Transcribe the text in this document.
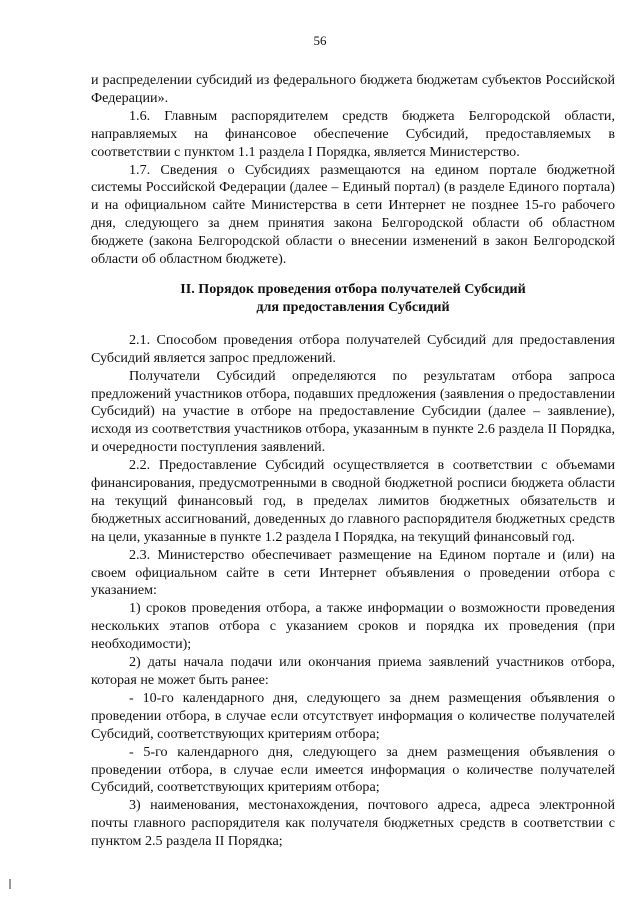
56

и распределении субсидий из федерального бюджета бюджетам субъектов Российской Федерации».

1.6. Главным распорядителем средств бюджета Белгородской области, направляемых на финансовое обеспечение Субсидий, предоставляемых в соответствии с пунктом 1.1 раздела I Порядка, является Министерство.

1.7. Сведения о Субсидиях размещаются на едином портале бюджетной системы Российской Федерации (далее – Единый портал) (в разделе Единого портала) и на официальном сайте Министерства в сети Интернет не позднее 15-го рабочего дня, следующего за днем принятия закона Белгородской области об областном бюджете (закона Белгородской области о внесении изменений в закон Белгородской области об областном бюджете).

II. Порядок проведения отбора получателей Субсидий
для предоставления Субсидий

2.1. Способом проведения отбора получателей Субсидий для предоставления Субсидий является запрос предложений.

Получатели Субсидий определяются по результатам отбора запроса предложений участников отбора, подавших предложения (заявления о предоставлении Субсидий) на участие в отборе на предоставление Субсидии (далее – заявление), исходя из соответствия участников отбора, указанным в пункте 2.6 раздела II Порядка, и очередности поступления заявлений.

2.2. Предоставление Субсидий осуществляется в соответствии с объемами финансирования, предусмотренными в сводной бюджетной росписи бюджета области на текущий финансовый год, в пределах лимитов бюджетных обязательств и бюджетных ассигнований, доведенных до главного распорядителя бюджетных средств на цели, указанные в пункте 1.2 раздела I Порядка, на текущий финансовый год.

2.3. Министерство обеспечивает размещение на Едином портале и (или) на своем официальном сайте в сети Интернет объявления о проведении отбора с указанием:

1) сроков проведения отбора, а также информации о возможности проведения нескольких этапов отбора с указанием сроков и порядка их проведения (при необходимости);

2) даты начала подачи или окончания приема заявлений участников отбора, которая не может быть ранее:

- 10-го календарного дня, следующего за днем размещения объявления о проведении отбора, в случае если отсутствует информация о количестве получателей Субсидий, соответствующих критериям отбора;

- 5-го календарного дня, следующего за днем размещения объявления о проведении отбора, в случае если имеется информация о количестве получателей Субсидий, соответствующих критериям отбора;

3) наименования, местонахождения, почтового адреса, адреса электронной почты главного распорядителя как получателя бюджетных средств в соответствии с пунктом 2.5 раздела II Порядка;
